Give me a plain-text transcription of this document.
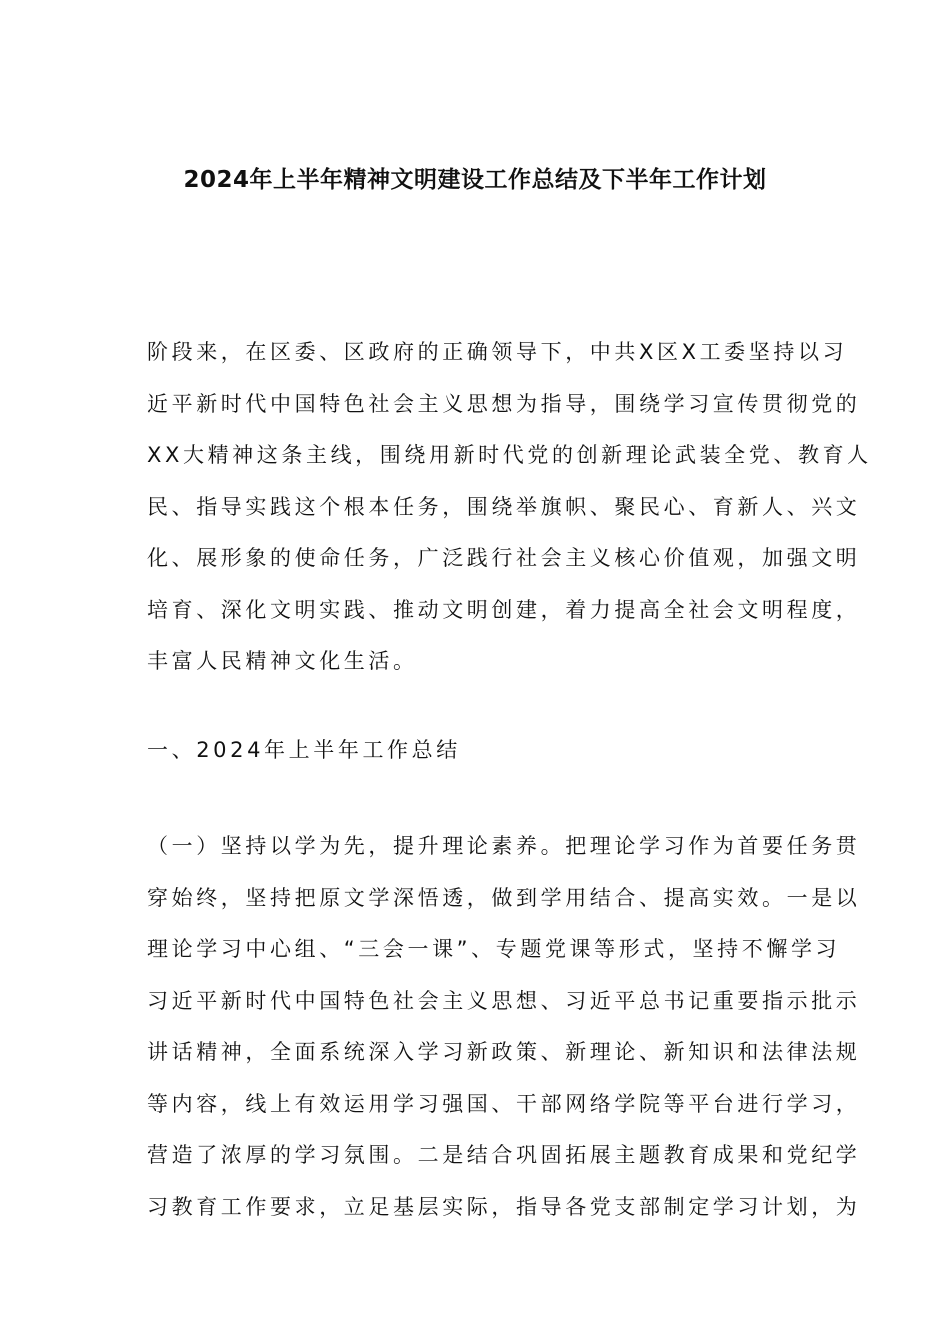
2024年上半年精神文明建设工作总结及下半年工作计划
阶段来，在区委、区政府的正确领导下，中共X区X工委坚持以习
近平新时代中国特色社会主义思想为指导，围绕学习宣传贯彻党的
XX大精神这条主线，围绕用新时代党的创新理论武装全党、教育人
民、指导实践这个根本任务，围绕举旗帜、聚民心、育新人、兴文
化、展形象的使命任务，广泛践行社会主义核心价值观，加强文明
培育、深化文明实践、推动文明创建，着力提高全社会文明程度，
丰富人民精神文化生活。
一、2024年上半年工作总结
（一）坚持以学为先，提升理论素养。把理论学习作为首要任务贯
穿始终，坚持把原文学深悟透，做到学用结合、提高实效。一是以
理论学习中心组、“三会一课”、专题党课等形式，坚持不懈学习
习近平新时代中国特色社会主义思想、习近平总书记重要指示批示
讲话精神，全面系统深入学习新政策、新理论、新知识和法律法规
等内容，线上有效运用学习强国、干部网络学院等平台进行学习，
营造了浓厚的学习氛围。二是结合巩固拓展主题教育成果和党纪学
习教育工作要求，立足基层实际，指导各党支部制定学习计划，为
